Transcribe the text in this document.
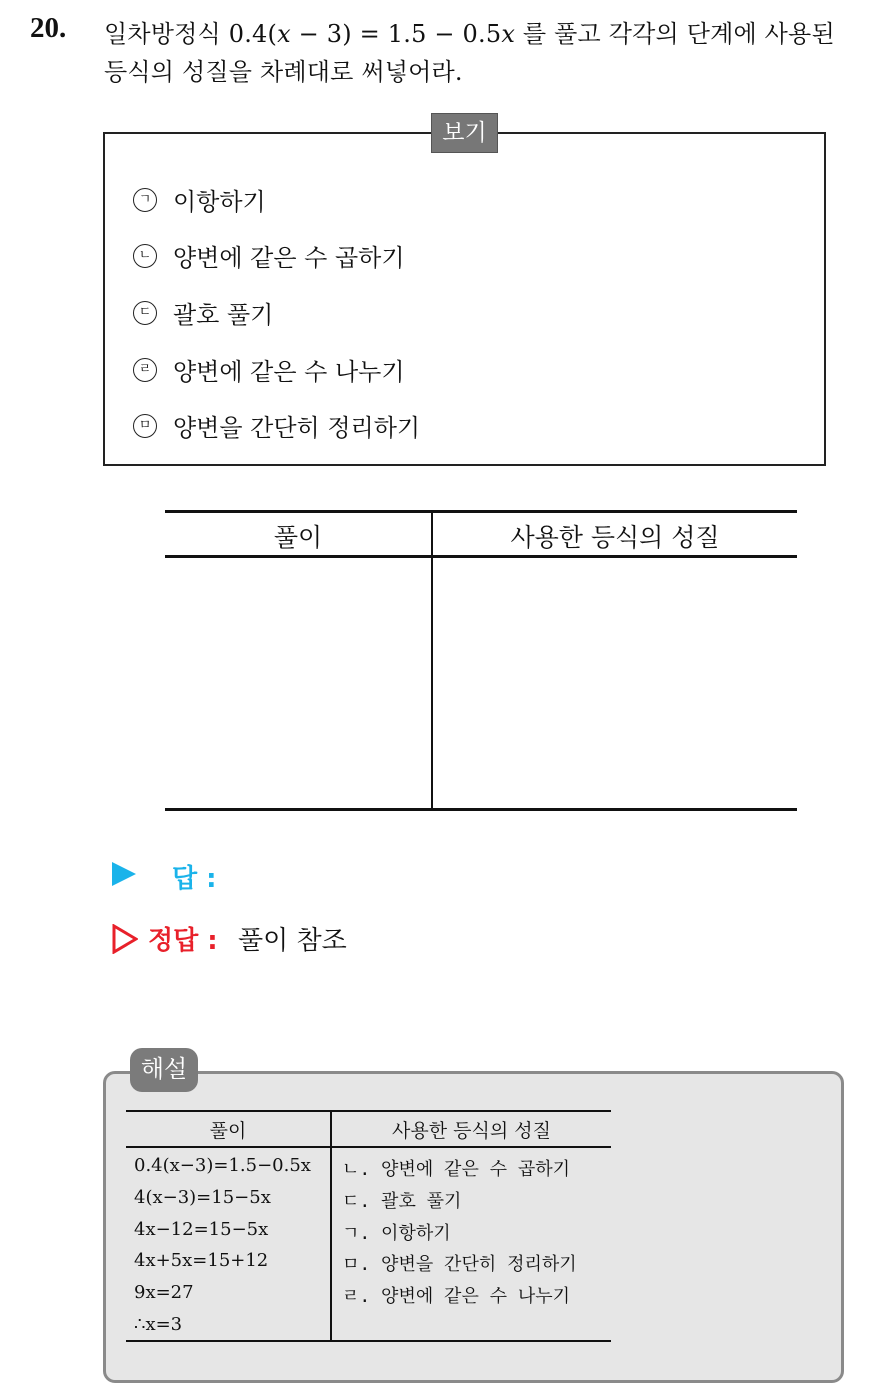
20. 일차방정식 0.4(x − 3) = 1.5 − 0.5x 를 풀고 각각의 단계에 사용된
등식의 성질을 차례대로 써넣어라.
보기
ㄱ 이항하기
ㄴ 양변에 같은 수 곱하기
ㄷ 괄호 풀기
ㄹ 양변에 같은 수 나누기
ㅁ 양변을 간단히 정리하기
풀이	사용한 등식의 성질
답 :
정답 : 풀이 참조
해설
풀이	사용한 등식의 성질
0.4(x−3)=1.5−0.5x
4(x−3)=15−5x
4x−12=15−5x
4x+5x=15+12
9x=27
∴x=3
ㄴ. 양변에 같은 수 곱하기
ㄷ. 괄호 풀기
ㄱ. 이항하기
ㅁ. 양변을 간단히 정리하기
ㄹ. 양변에 같은 수 나누기
